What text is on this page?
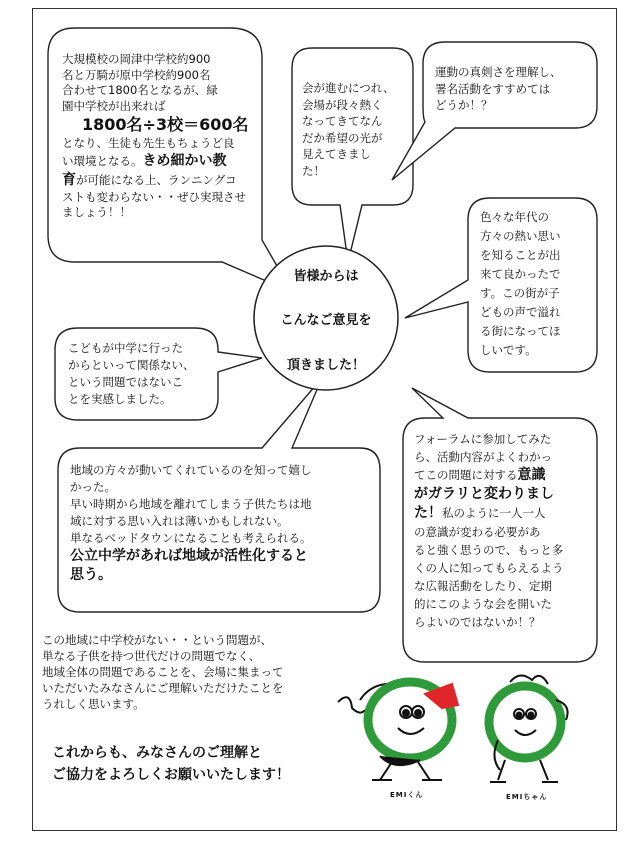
皆様からは
こんなご意見を
頂きました！
大規模校の岡津中学校約900
名と万騎が原中学校約900名
合わせて1800名となるが、緑
園中学校が出来れば
1800名÷3校＝600名
となり、生徒も先生もちょうど良
い環境となる。きめ細かい教
育が可能になる上、ランニングコ
ストも変わらない・・ぜひ実現させ
ましょう！！
会が進むにつれ、
会場が段々熱く
なってきてなん
だか希望の光が
見えてきまし
た！
運動の真剣さを理解し、
署名活動をすすめては
どうか！？
色々な年代の
方々の熱い思い
を知ることが出
来て良かったで
す。この街が子
どもの声で溢れ
る街になってほ
しいです。
こどもが中学に行った
からといって関係ない、
という問題ではないこ
とを実感しました。
地域の方々が動いてくれているのを知って嬉し
かった。
早い時期から地域を離れてしまう子供たちは地
域に対する思い入れは薄いかもしれない。
単なるベッドタウンになることも考えられる。
公立中学があれば地域が活性化すると
思う。
フォーラムに参加してみた
ら、活動内容がよくわかっ
てこの問題に対する意識
がガラリと変わりまし
た！私のように一人一人
の意識が変わる必要があ
ると強く思うので、もっと多
くの人に知ってもらえるよう
な広報活動をしたり、定期
的にこのような会を開いた
らよいのではないか！？
この地域に中学校がない・・という問題が、
単なる子供を持つ世代だけの問題でなく、
地域全体の問題であることを、会場に集まって
いただいたみなさんにご理解いただけたことを
うれしく思います。
これからも、みなさんのご理解と
ご協力をよろしくお願いいたします！
EMIくん	EMIちゃん
